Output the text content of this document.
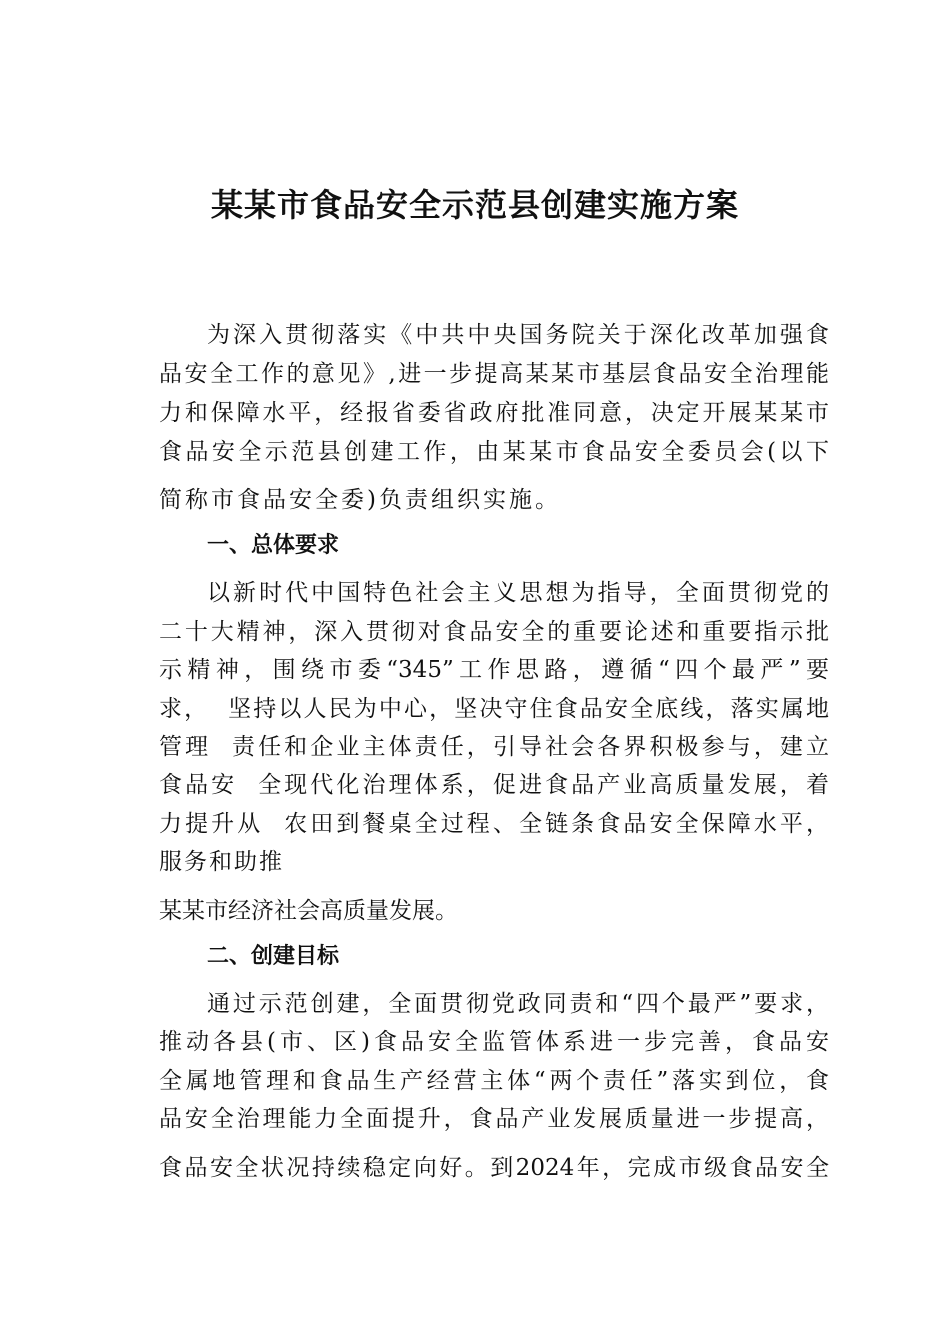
某某市食品安全示范县创建实施方案

为深入贯彻落实《中共中央国务院关于深化改革加强食

品安全工作的意见》,进一步提高某某市基层食品安全治理能

力和保障水平，经报省委省政府批准同意，决定开展某某市

食品安全示范县创建工作，由某某市食品安全委员会(以下

简称市食品安全委)负责组织实施。

一、总体要求

以新时代中国特色社会主义思想为指导，全面贯彻党的

二十大精神，深入贯彻对食品安全的重要论述和重要指示批

示精神，围绕市委“345”工作思路，遵循“四个最严”要

求，  坚持以人民为中心，坚决守住食品安全底线，落实属地

管理  责任和企业主体责任，引导社会各界积极参与，建立

食品安  全现代化治理体系，促进食品产业高质量发展，着

力提升从  农田到餐桌全过程、全链条食品安全保障水平，

服务和助推

某某市经济社会高质量发展。

二、创建目标

通过示范创建，全面贯彻党政同责和“四个最严”要求，

推动各县(市、区)食品安全监管体系进一步完善，食品安

全属地管理和食品生产经营主体“两个责任”落实到位，食

品安全治理能力全面提升，食品产业发展质量进一步提高，

食品安全状况持续稳定向好。到2024年，完成市级食品安全
